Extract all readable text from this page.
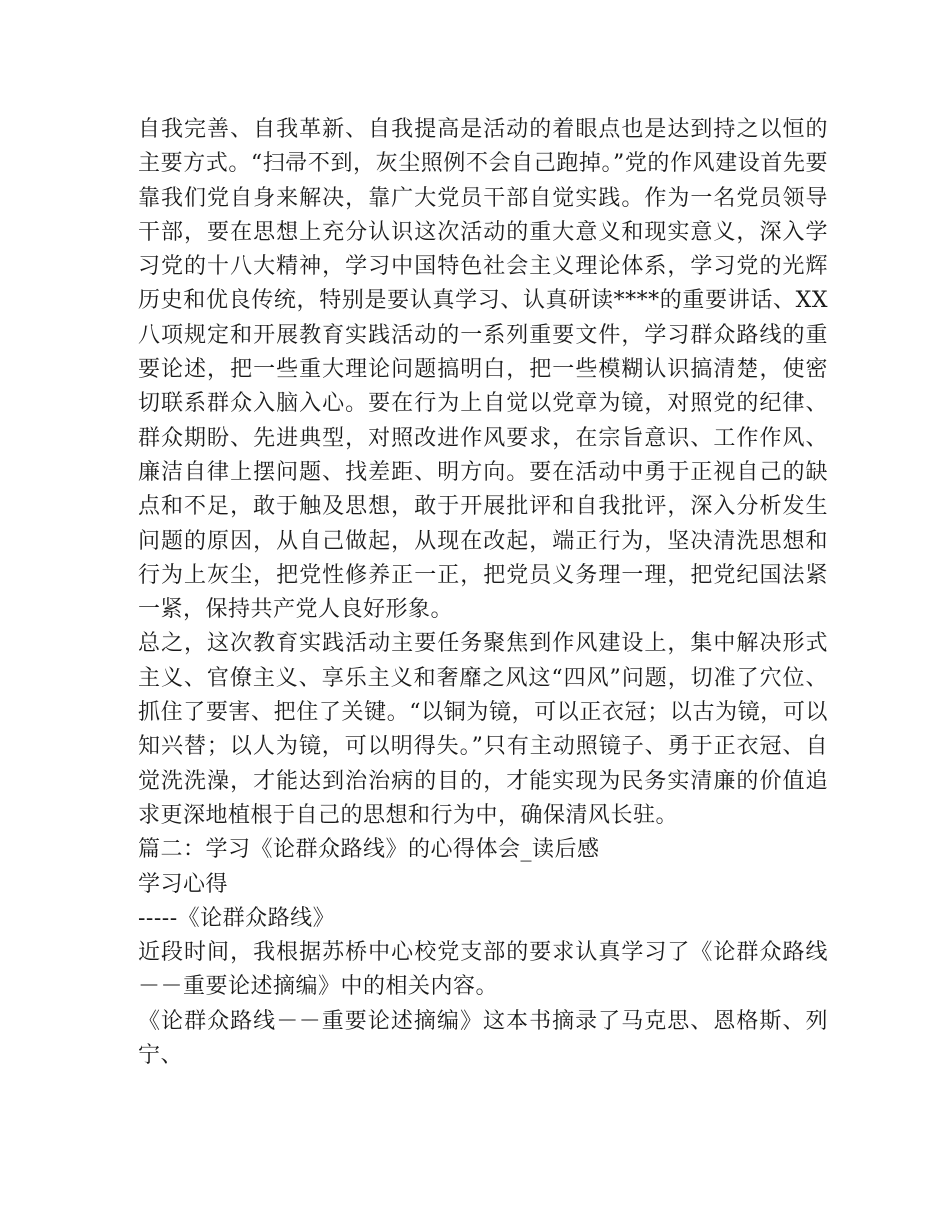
自我完善、自我革新、自我提高是活动的着眼点也是达到持之以恒的主要方式。“扫帚不到，灰尘照例不会自己跑掉。”党的作风建设首先要靠我们党自身来解决，靠广大党员干部自觉实践。作为一名党员领导干部，要在思想上充分认识这次活动的重大意义和现实意义，深入学习党的十八大精神，学习中国特色社会主义理论体系，学习党的光辉历史和优良传统，特别是要认真学习、认真研读****的重要讲话、XX八项规定和开展教育实践活动的一系列重要文件，学习群众路线的重要论述，把一些重大理论问题搞明白，把一些模糊认识搞清楚，使密切联系群众入脑入心。要在行为上自觉以党章为镜，对照党的纪律、群众期盼、先进典型，对照改进作风要求，在宗旨意识、工作作风、廉洁自律上摆问题、找差距、明方向。要在活动中勇于正视自己的缺点和不足，敢于触及思想，敢于开展批评和自我批评，深入分析发生问题的原因，从自己做起，从现在改起，端正行为，坚决清洗思想和行为上灰尘，把党性修养正一正，把党员义务理一理，把党纪国法紧一紧，保持共产党人良好形象。

总之，这次教育实践活动主要任务聚焦到作风建设上，集中解决形式主义、官僚主义、享乐主义和奢靡之风这“四风”问题，切准了穴位、抓住了要害、把住了关键。“以铜为镜，可以正衣冠；以古为镜，可以知兴替；以人为镜，可以明得失。”只有主动照镜子、勇于正衣冠、自觉洗洗澡，才能达到治治病的目的，才能实现为民务实清廉的价值追求更深地植根于自己的思想和行为中，确保清风长驻。

篇二：学习《论群众路线》的心得体会_读后感

学习心得

-----《论群众路线》

近段时间，我根据苏桥中心校党支部的要求认真学习了《论群众路线－－重要论述摘编》中的相关内容。

《论群众路线－－重要论述摘编》这本书摘录了马克思、恩格斯、列宁、
